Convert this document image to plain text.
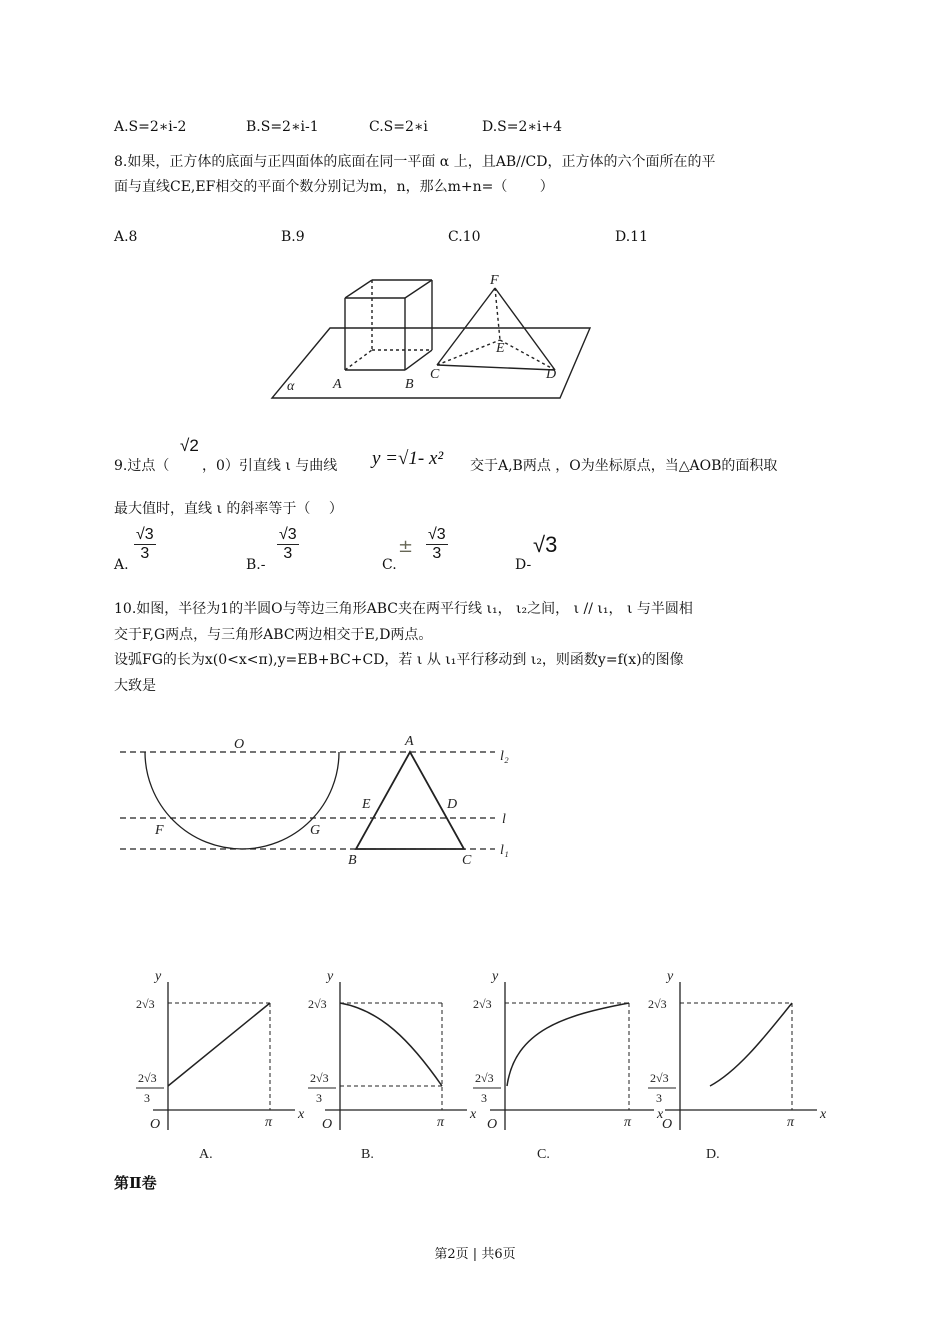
A.S=2∗i-2	B.S=2∗i-1	C.S=2∗i	D.S=2∗i+4
8.如果，正方体的底面与正四面体的底面在同一平面 α 上，且AB//CD，正方体的六个面所在的平
面与直线CE,EF相交的平面个数分别记为m，n，那么m+n=（　　 ）
A.8	B.9	C.10	D.11
α	A	B
C	D
E
F
9.过点（
√2
，0）引直线 ι 与曲线 y =√1- x² 交于A,B两点 ，O为坐标原点，当△AOB的面积取
最大值时，直线 ι 的斜率等于（　 ）
A.
$\frac{√3}{3}$
B.-
$\frac{√3}{3}$
C.
± $\frac{√3}{3}$
D-
√3
10.如图，半径为1的半圆O与等边三角形ABC夹在两平行线 ι₁， ι₂之间， ι // ι₁， ι 与半圆相
交于F,G两点，与三角形ABC两边相交于E,D两点。
设弧FG的长为x(0<x<π),y=EB+BC+CD，若 ι 从 ι₁平行移动到 ι₂，则函数y=f(x)的图像
大致是
O	A
B	C
D
E
F	G
l₂
l
l₁
y
x
O	π
2√3
2√3
3
A.
y
x
O	π
2√3
2√3
3
B.
y
x
O	π
2√3
2√3
3
C.
y
x
O	π
2√3
2√3
3
D.
第Ⅱ卷
第2页 | 共6页
